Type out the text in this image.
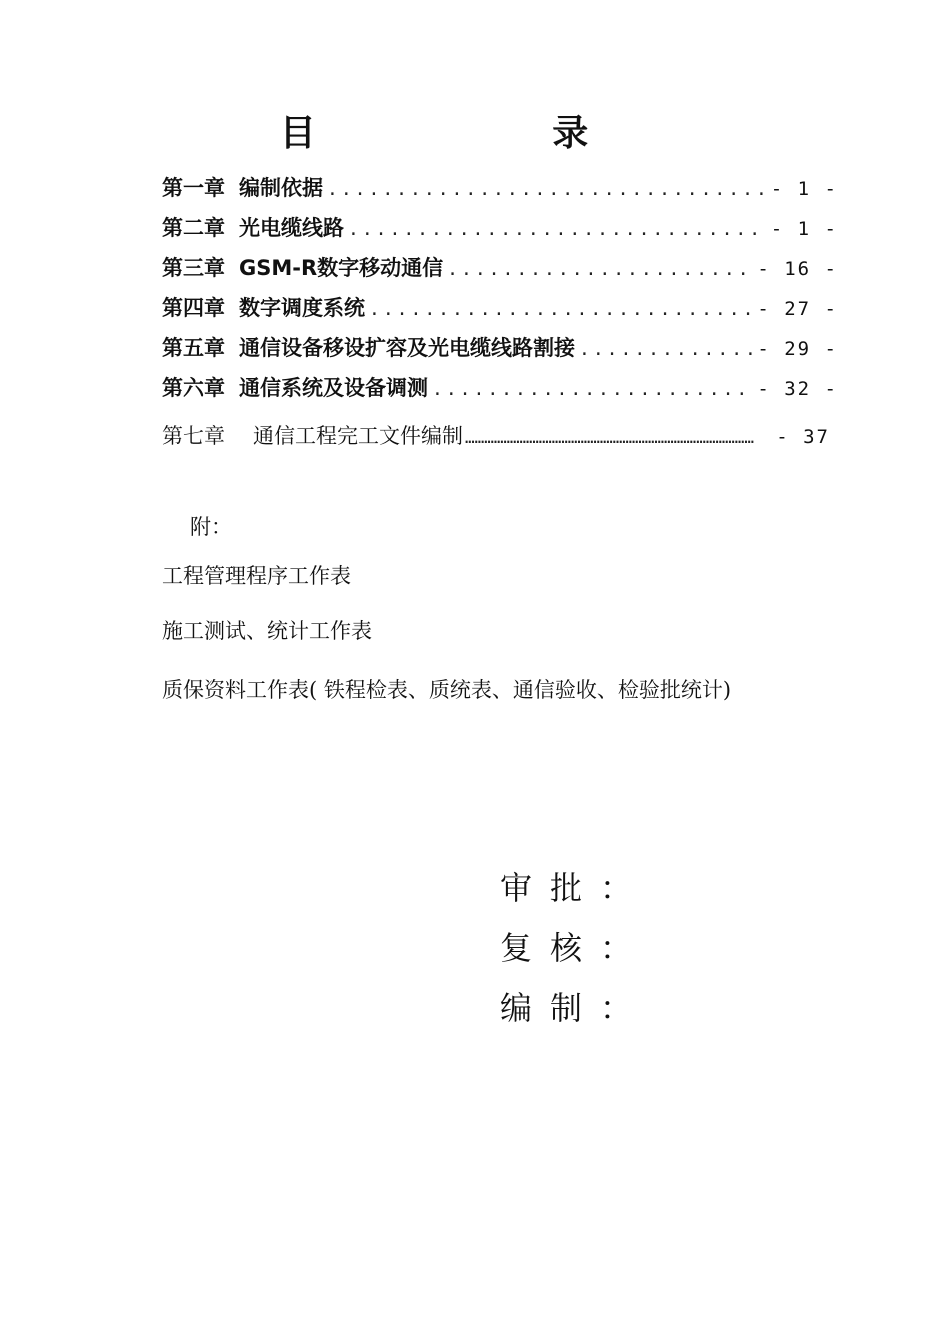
目 录
第一章 编制依据 .....	- 1 -
第二章 光电缆线路 .....	- 1 -
第三章 GSM-R数字移动通信 .....	- 16 -
第四章 数字调度系统 .....	- 27 -
第五章 通信设备移设扩容及光电缆线路割接 .....	- 29 -
第六章 通信系统及设备调测 .....	- 32 -
第七章 通信工程完工文件编制 ………………………………………………………………………………	- 37
附：
工程管理程序工作表
施工测试、统计工作表
质保资料工作表( 铁程检表、质统表、通信验收、检验批统计)
审批：
复核：
编制：
